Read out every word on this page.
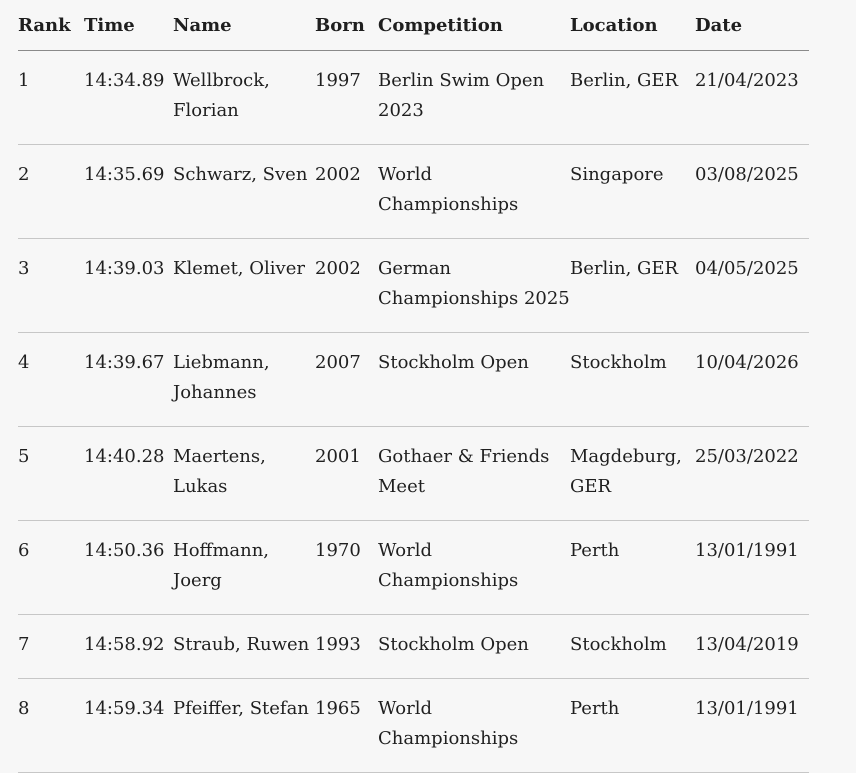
Rank	Time	Name	Born	Competition	Location	Date
1	14:34.89	Wellbrock, Florian	1997	Berlin Swim Open 2023	Berlin, GER	21/04/2023
2	14:35.69	Schwarz, Sven	2002	World Championships	Singapore	03/08/2025
3	14:39.03	Klemet, Oliver	2002	German Championships 2025	Berlin, GER	04/05/2025
4	14:39.67	Liebmann, Johannes	2007	Stockholm Open	Stockholm	10/04/2026
5	14:40.28	Maertens, Lukas	2001	Gothaer & Friends Meet	Magdeburg, GER	25/03/2022
6	14:50.36	Hoffmann, Joerg	1970	World Championships	Perth	13/01/1991
7	14:58.92	Straub, Ruwen	1993	Stockholm Open	Stockholm	13/04/2019
8	14:59.34	Pfeiffer, Stefan	1965	World Championships	Perth	13/01/1991
